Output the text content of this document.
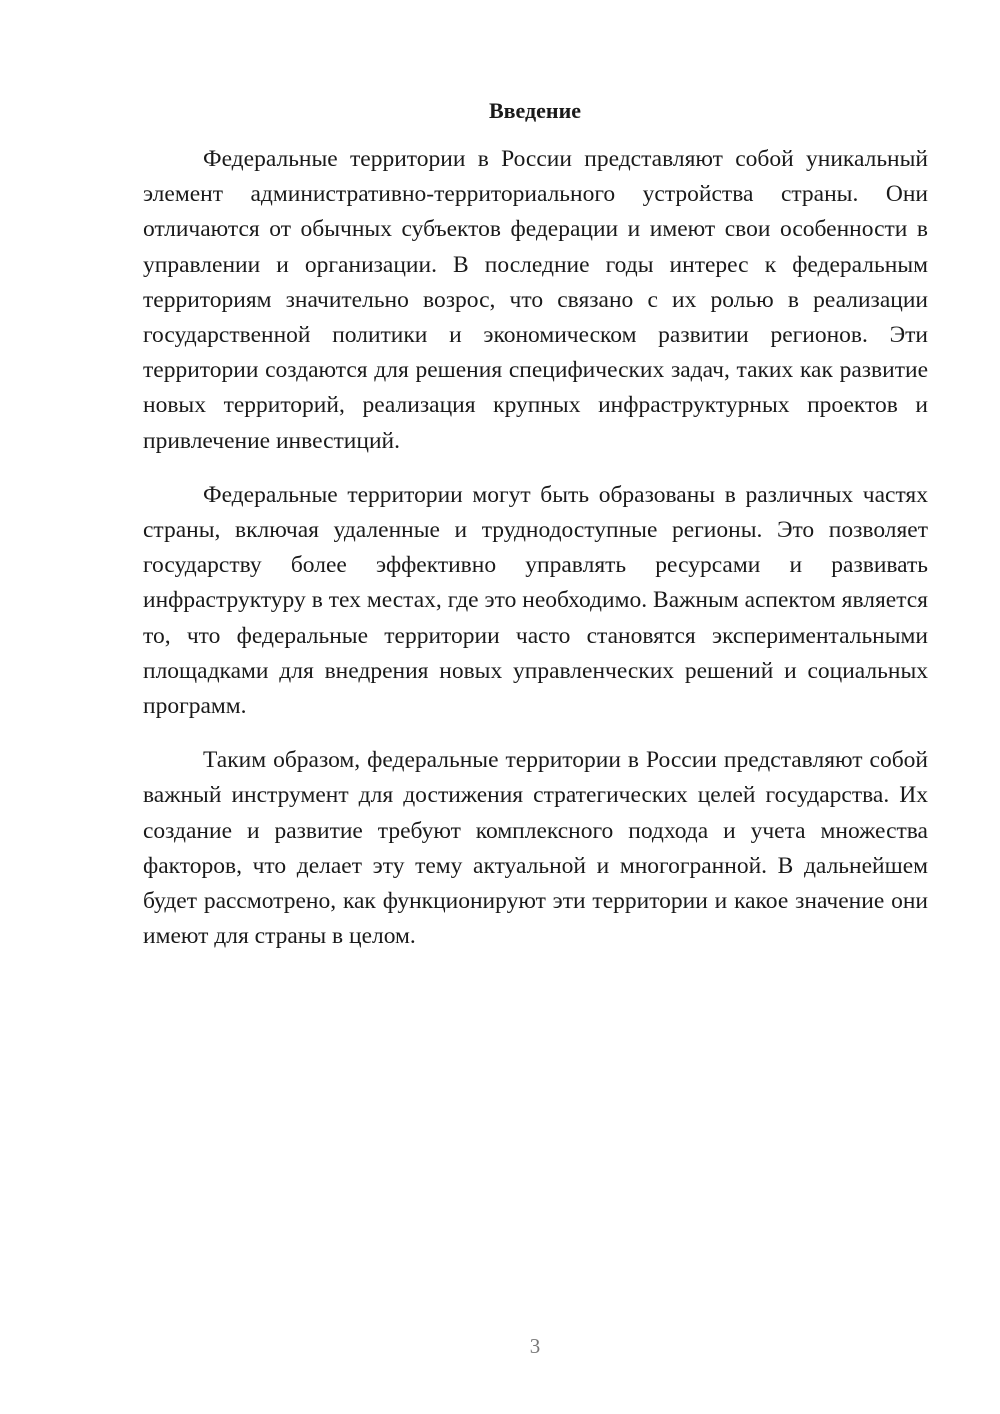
Введение

Федеральные территории в России представляют собой уникальный элемент административно-территориального устройства страны. Они отличаются от обычных субъектов федерации и имеют свои особенности в управлении и организации. В последние годы интерес к федеральным территориям значительно возрос, что связано с их ролью в реализации государственной политики и экономическом развитии регионов. Эти территории создаются для решения специфических задач, таких как развитие новых территорий, реализация крупных инфраструктурных проектов и привлечение инвестиций.

Федеральные территории могут быть образованы в различных частях страны, включая удаленные и труднодоступные регионы. Это позволяет государству более эффективно управлять ресурсами и развивать инфраструктуру в тех местах, где это необходимо. Важным аспектом является то, что федеральные территории часто становятся экспериментальными площадками для внедрения новых управленческих решений и социальных программ.

Таким образом, федеральные территории в России представляют собой важный инструмент для достижения стратегических целей государства. Их создание и развитие требуют комплексного подхода и учета множества факторов, что делает эту тему актуальной и многогранной. В дальнейшем будет рассмотрено, как функционируют эти территории и какое значение они имеют для страны в целом.

3
